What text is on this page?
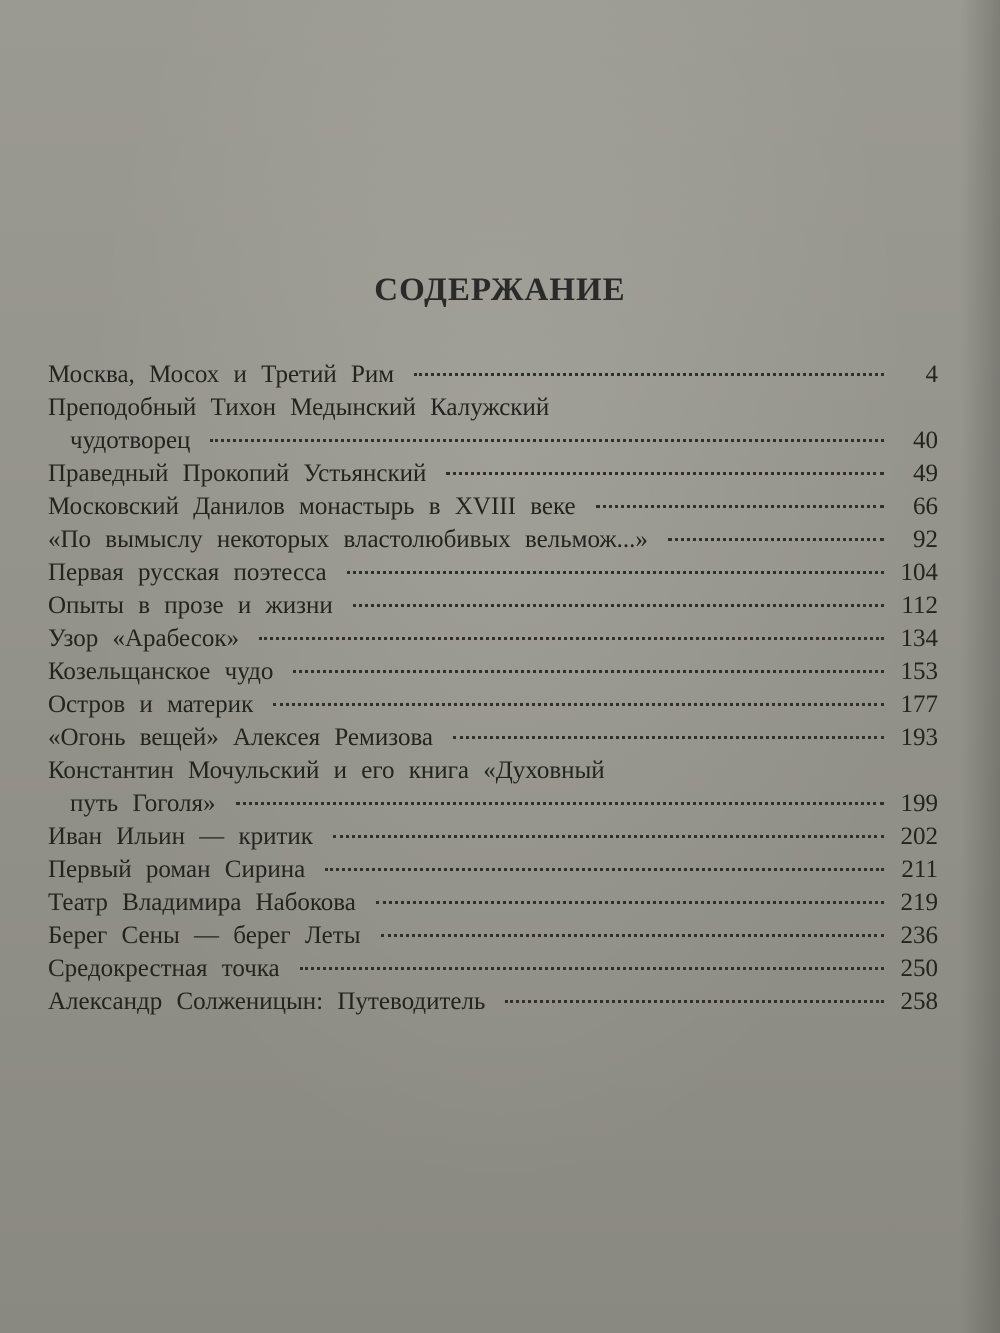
СОДЕРЖАНИЕ
Москва, Мосох и Третий Рим	4
Преподобный Тихон Медынский Калужский
чудотворец	40
Праведный Прокопий Устьянский	49
Московский Данилов монастырь в XVIII веке	66
«По вымыслу некоторых властолюбивых вельмож...»	92
Первая русская поэтесса	104
Опыты в прозе и жизни	112
Узор «Арабесок»	134
Козельщанское чудо	153
Остров и материк	177
«Огонь вещей» Алексея Ремизова	193
Константин Мочульский и его книга «Духовный
путь Гоголя»	199
Иван Ильин — критик	202
Первый роман Сирина	211
Театр Владимира Набокова	219
Берег Сены — берег Леты	236
Средокрестная точка	250
Александр Солженицын: Путеводитель	258
